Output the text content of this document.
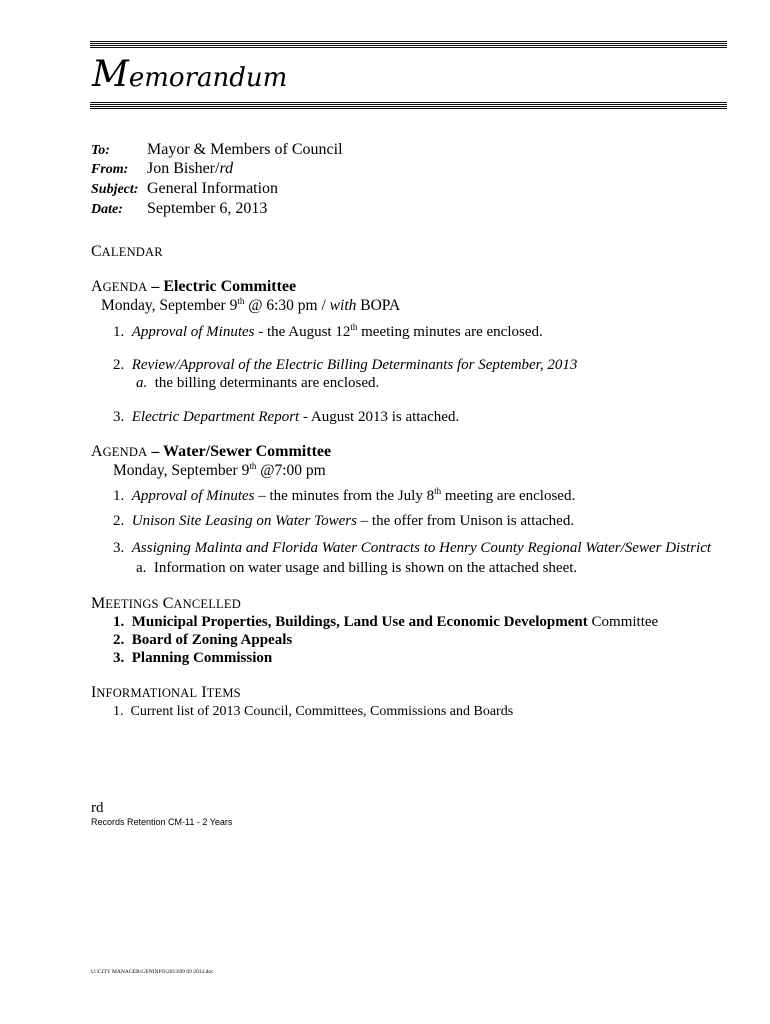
Memorandum
To: Mayor & Members of Council
From: Jon Bisher/rd
Subject: General Information
Date: September 6, 2013
CALENDAR
AGENDA – Electric Committee
Monday, September 9th @ 6:30 pm / with BOPA
1. Approval of Minutes - the August 12th meeting minutes are enclosed.
2. Review/Approval of the Electric Billing Determinants for September, 2013
a. the billing determinants are enclosed.
3. Electric Department Report - August 2013 is attached.
AGENDA – Water/Sewer Committee
Monday, September 9th @7:00 pm
1. Approval of Minutes – the minutes from the July 8th meeting are enclosed.
2. Unison Site Leasing on Water Towers – the offer from Unison is attached.
3. Assigning Malinta and Florida Water Contracts to Henry County Regional Water/Sewer District
a. Information on water usage and billing is shown on the attached sheet.
MEETINGS CANCELLED
1. Municipal Properties, Buildings, Land Use and Economic Development Committee
2. Board of Zoning Appeals
3. Planning Commission
INFORMATIONAL ITEMS
1. Current list of 2013 Council, Committees, Commissions and Boards
rd
Records Retention CM-11 - 2 Years
U:\CITY MANAGER\GENINFO\2013\09 09 2013.doc
